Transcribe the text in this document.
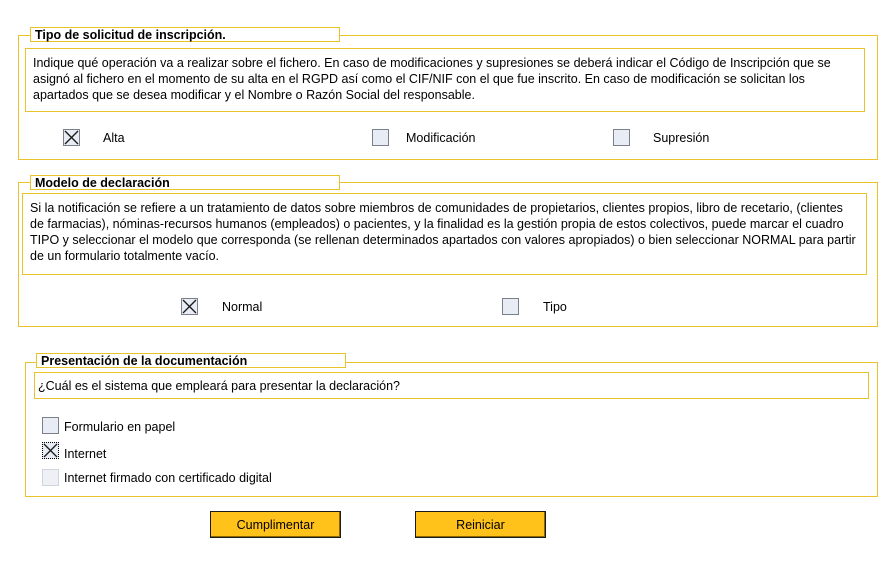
Tipo de solicitud de inscripción.
Indique qué operación va a realizar sobre el fichero. En caso de modificaciones y supresiones se deberá indicar el Código de Inscripción que se asignó al fichero en el momento de su alta en el RGPD así como el CIF/NIF con el que fue inscrito. En caso de modificación se solicitan los apartados que se desea modificar y el Nombre o Razón Social del responsable.
Alta	Modificación	Supresión
Modelo de declaración
Si la notificación se refiere a un tratamiento de datos sobre miembros de comunidades de propietarios, clientes propios, libro de recetario, (clientes de farmacias), nóminas-recursos humanos (empleados) o pacientes, y la finalidad es la gestión propia de estos colectivos, puede marcar el cuadro TIPO y seleccionar el modelo que corresponda (se rellenan determinados apartados con valores apropiados) o bien seleccionar NORMAL para partir de un formulario totalmente vacío.
Normal	Tipo
Presentación de la documentación
¿Cuál es el sistema que empleará para presentar la declaración?
Formulario en papel
Internet
Internet firmado con certificado digital
Cumplimentar	Reiniciar
